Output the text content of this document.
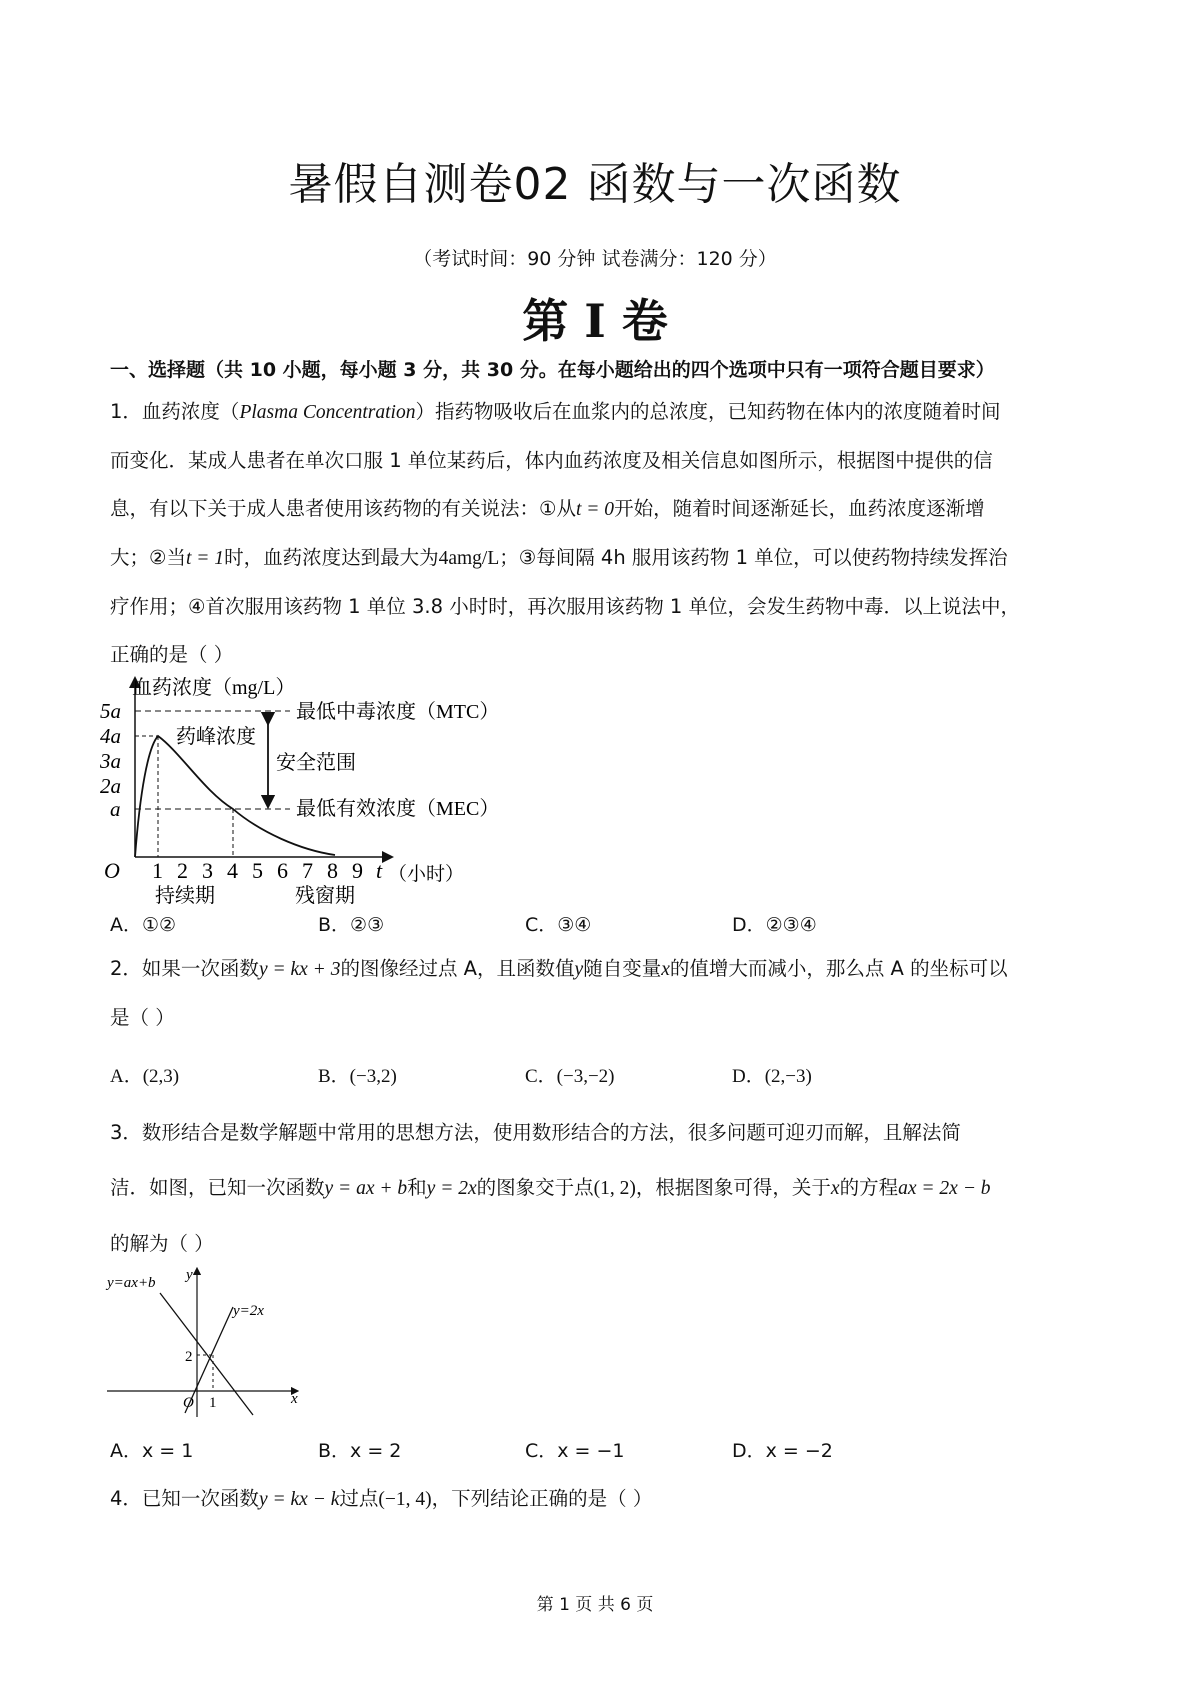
暑假自测卷02 函数与一次函数
（考试时间：90 分钟 试卷满分：120 分）
第 I 卷
一、选择题（共 10 小题，每小题 3 分，共 30 分。在每小题给出的四个选项中只有一项符合题目要求）
1．血药浓度（Plasma Concentration）指药物吸收后在血浆内的总浓度，已知药物在体内的浓度随着时间
而变化．某成人患者在单次口服 1 单位某药后，体内血药浓度及相关信息如图所示，根据图中提供的信
息，有以下关于成人患者使用该药物的有关说法：①从t = 0开始，随着时间逐渐延长，血药浓度逐渐增
大；②当t = 1时，血药浓度达到最大为4amg/L；③每间隔 4h 服用该药物 1 单位，可以使药物持续发挥治
疗作用；④首次服用该药物 1 单位 3.8 小时时，再次服用该药物 1 单位，会发生药物中毒．以上说法中，
正确的是（ ）
5a
4a
3a
2a
a
O 1 2 3 4 5 6 7 8 9 t （小时）
血药浓度（mg/L）
最低中毒浓度（MTC）
药峰浓度
安全范围
最低有效浓度（MEC）
持续期	残窗期
A．①②	B．②③	C．③④	D．②③④
2．如果一次函数y = kx + 3的图像经过点 A，且函数值y随自变量x的值增大而减小，那么点 A 的坐标可以
是（ ）
A．(2,3)	B．(−3,2)	C．(−3,−2)	D．(2,−3)
3．数形结合是数学解题中常用的思想方法，使用数形结合的方法，很多问题可迎刃而解，且解法简
洁．如图，已知一次函数y = ax + b和y = 2x的图象交于点(1, 2)，根据图象可得，关于x的方程ax = 2x − b
的解为（ ）
y=ax+b
y=2x
y
x
O
2
1
A．x = 1	B．x = 2	C．x = −1	D．x = −2
4．已知一次函数y = kx − k过点(−1, 4)，下列结论正确的是（ ）
第 1 页 共 6 页
